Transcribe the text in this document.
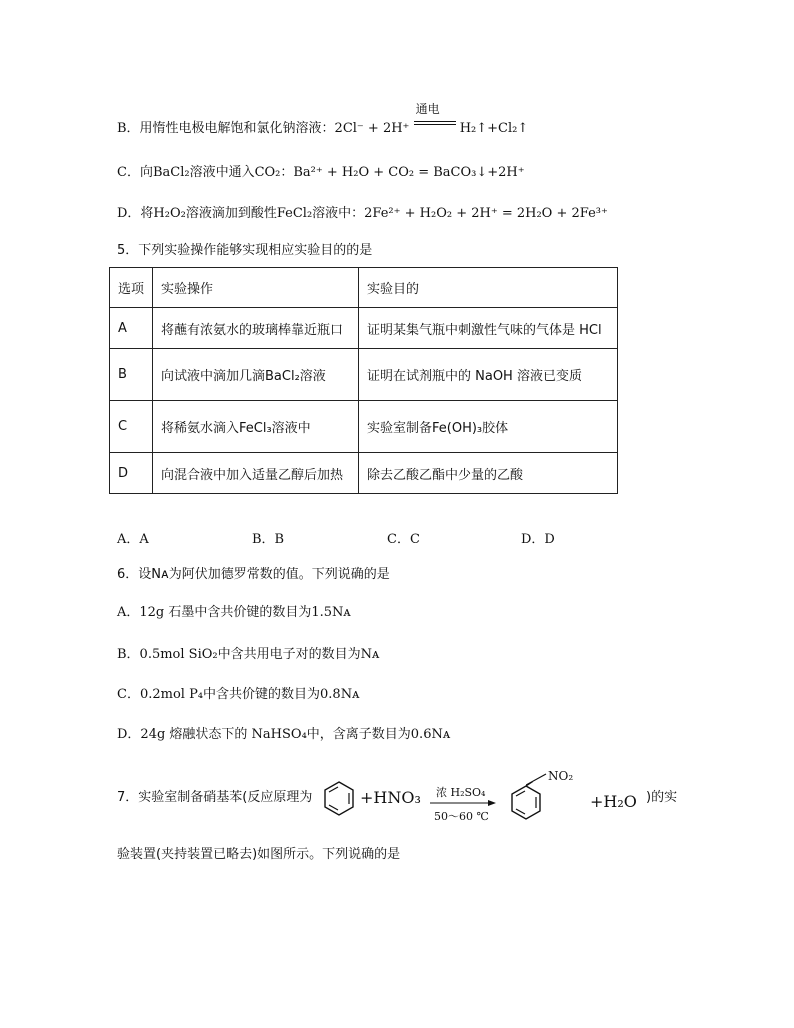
B．用惰性电极电解饱和氯化钠溶液：2Cl⁻ + 2H⁺
通电
H₂↑+Cl₂↑
C．向BaCl₂溶液中通入CO₂：Ba²⁺ + H₂O + CO₂ = BaCO₃↓+2H⁺
D．将H₂O₂溶液滴加到酸性FeCl₂溶液中：2Fe²⁺ + H₂O₂ + 2H⁺ = 2H₂O + 2Fe³⁺
5．下列实验操作能够实现相应实验目的的是
选项	实验操作	实验目的
A	将蘸有浓氨水的玻璃棒靠近瓶口	证明某集气瓶中刺激性气味的气体是 HCl
B	向试液中滴加几滴BaCl₂溶液	证明在试剂瓶中的 NaOH 溶液已变质
C	将稀氨水滴入FeCl₃溶液中	实验室制备Fe(OH)₃胶体
D	向混合液中加入适量乙醇后加热	除去乙酸乙酯中少量的乙酸
A．A	B．B	C．C	D．D
6．设Nᴀ为阿伏加德罗常数的值。下列说确的是
A．12g 石墨中含共价键的数目为1.5Nᴀ
B．0.5mol SiO₂中含共用电子对的数目为Nᴀ
C．0.2mol P₄中含共价键的数目为0.8Nᴀ
D．24g 熔融状态下的 NaHSO₄中，含离子数目为0.6Nᴀ
7．实验室制备硝基苯(反应原理为	+HNO₃ 浓 H₂SO₄
50～60 ℃
NO₂
+H₂O )的实
验装置(夹持装置已略去)如图所示。下列说确的是
